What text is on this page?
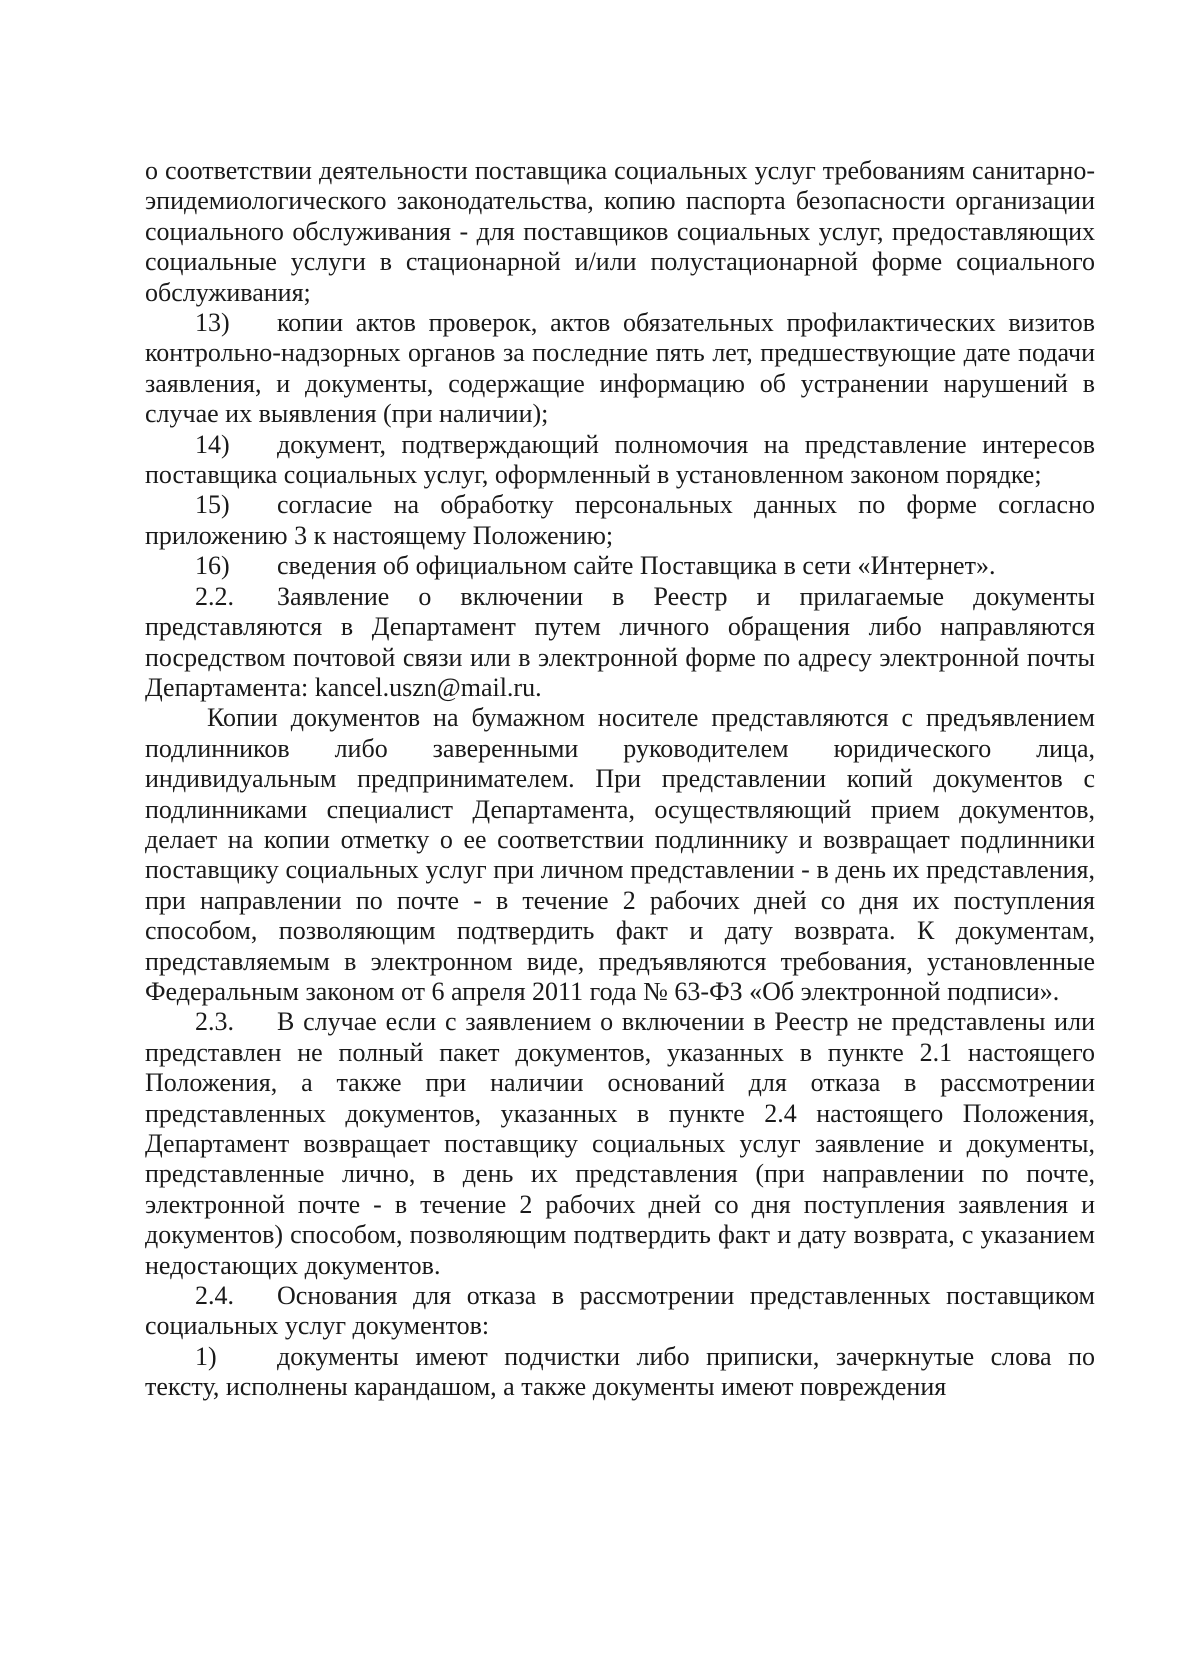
о соответствии деятельности поставщика социальных услуг требованиям санитарно-эпидемиологического законодательства, копию паспорта безопасности организации социального обслуживания - для поставщиков социальных услуг, предоставляющих социальные услуги в стационарной и/или полустационарной форме социального обслуживания;

13) копии актов проверок, актов обязательных профилактических визитов контрольно-надзорных органов за последние пять лет, предшествующие дате подачи заявления, и документы, содержащие информацию об устранении нарушений в случае их выявления (при наличии);

14) документ, подтверждающий полномочия на представление интересов поставщика социальных услуг, оформленный в установленном законом порядке;

15) согласие на обработку персональных данных по форме согласно приложению 3 к настоящему Положению;

16) сведения об официальном сайте Поставщика в сети «Интернет».

2.2. Заявление о включении в Реестр и прилагаемые документы представляются в Департамент путем личного обращения либо направляются посредством почтовой связи или в электронной форме по адресу электронной почты Департамента: kancel.uszn@mail.ru.

Копии документов на бумажном носителе представляются с предъявлением подлинников либо заверенными руководителем юридического лица, индивидуальным предпринимателем. При представлении копий документов с подлинниками специалист Департамента, осуществляющий прием документов, делает на копии отметку о ее соответствии подлиннику и возвращает подлинники поставщику социальных услуг при личном представлении - в день их представления, при направлении по почте - в течение 2 рабочих дней со дня их поступления способом, позволяющим подтвердить факт и дату возврата. К документам, представляемым в электронном виде, предъявляются требования, установленные Федеральным законом от 6 апреля 2011 года № 63-ФЗ «Об электронной подписи».

2.3. В случае если с заявлением о включении в Реестр не представлены или представлен не полный пакет документов, указанных в пункте 2.1 настоящего Положения, а также при наличии оснований для отказа в рассмотрении представленных документов, указанных в пункте 2.4 настоящего Положения, Департамент возвращает поставщику социальных услуг заявление и документы, представленные лично, в день их представления (при направлении по почте, электронной почте - в течение 2 рабочих дней со дня поступления заявления и документов) способом, позволяющим подтвердить факт и дату возврата, с указанием недостающих документов.

2.4. Основания для отказа в рассмотрении представленных поставщиком социальных услуг документов:

1) документы имеют подчистки либо приписки, зачеркнутые слова по тексту, исполнены карандашом, а также документы имеют повреждения
